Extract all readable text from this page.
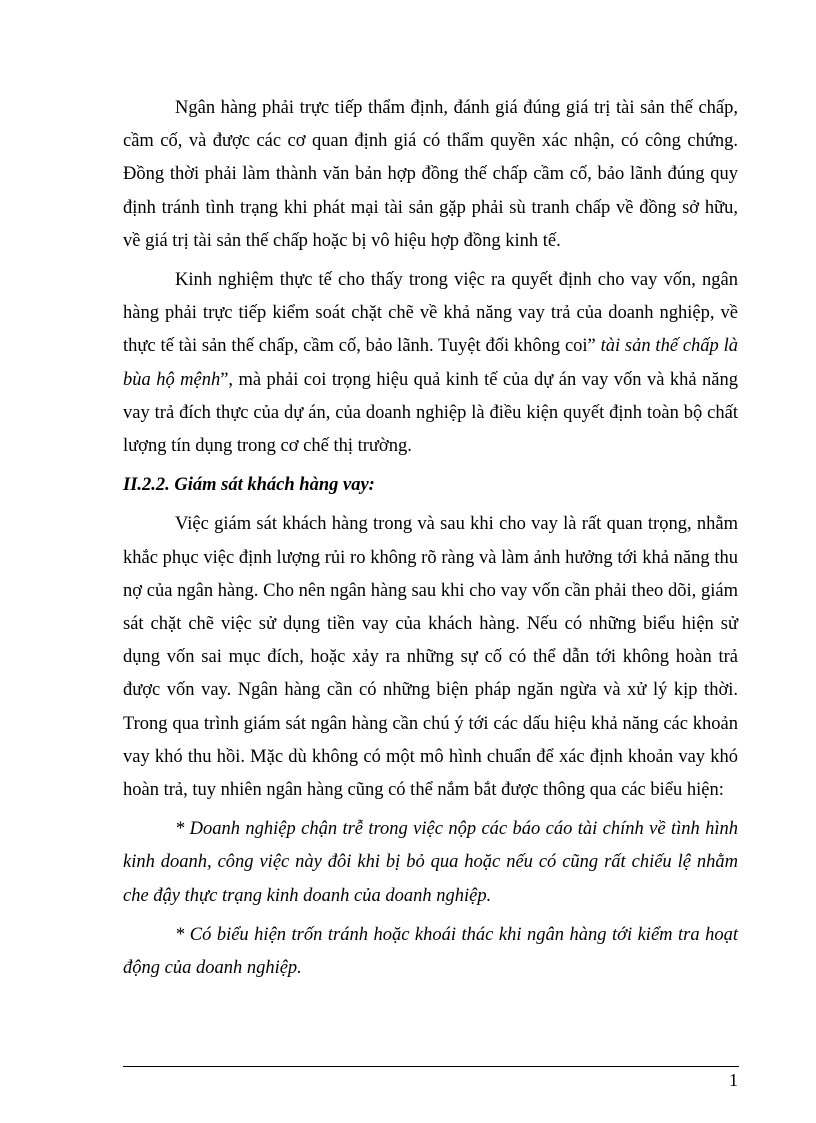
Ngân hàng phải trực tiếp thẩm định, đánh giá đúng giá trị tài sản thế chấp, cầm cố, và được các cơ quan định giá có thẩm quyền xác nhận, có công chứng. Đồng thời phải làm thành văn bản hợp đồng thế chấp cầm cố, bảo lãnh đúng quy định tránh tình trạng khi phát mại tài sản gặp phải sù tranh chấp về đồng sở hữu, về giá trị tài sản thế chấp hoặc bị vô hiệu hợp đồng kinh tế.

Kinh nghiệm thực tế cho thấy trong việc ra quyết định cho vay vốn, ngân hàng phải trực tiếp kiểm soát chặt chẽ về khả năng vay trả của doanh nghiệp, về thực tế tài sản thế chấp, cầm cố, bảo lãnh. Tuyệt đối không coi” tài sản thế chấp là bùa hộ mệnh”, mà phải coi trọng hiệu quả kinh tế của dự án vay vốn và khả năng vay trả đích thực của dự án, của doanh nghiệp là điều kiện quyết định toàn bộ chất lượng tín dụng trong cơ chế thị trường.

II.2.2. Giám sát khách hàng vay:

Việc giám sát khách hàng trong và sau khi cho vay là rất quan trọng, nhằm khắc phục việc định lượng rủi ro không rõ ràng và làm ảnh hưởng tới khả năng thu nợ của ngân hàng. Cho nên ngân hàng sau khi cho vay vốn cần phải theo dõi, giám sát chặt chẽ việc sử dụng tiền vay của khách hàng. Nếu có những biểu hiện sử dụng vốn sai mục đích, hoặc xảy ra những sự cố có thể dẫn tới không hoàn trả được vốn vay. Ngân hàng cần có những biện pháp ngăn ngừa và xử lý kịp thời. Trong qua trình giám sát ngân hàng cần chú ý tới các dấu hiệu khả năng các khoản vay khó thu hồi. Mặc dù không có một mô hình chuẩn để xác định khoản vay khó hoàn trả, tuy nhiên ngân hàng cũng có thể nắm bắt được thông qua các biểu hiện:

* Doanh nghiệp chận trễ trong việc nộp các báo cáo tài chính về tình hình kinh doanh, công việc này đôi khi bị bỏ qua hoặc nếu có cũng rất chiếu lệ nhằm che đậy thực trạng kinh doanh của doanh nghiệp.

* Có biểu hiện trốn tránh hoặc khoái thác khi ngân hàng tới kiểm tra hoạt động của doanh nghiệp.

1
